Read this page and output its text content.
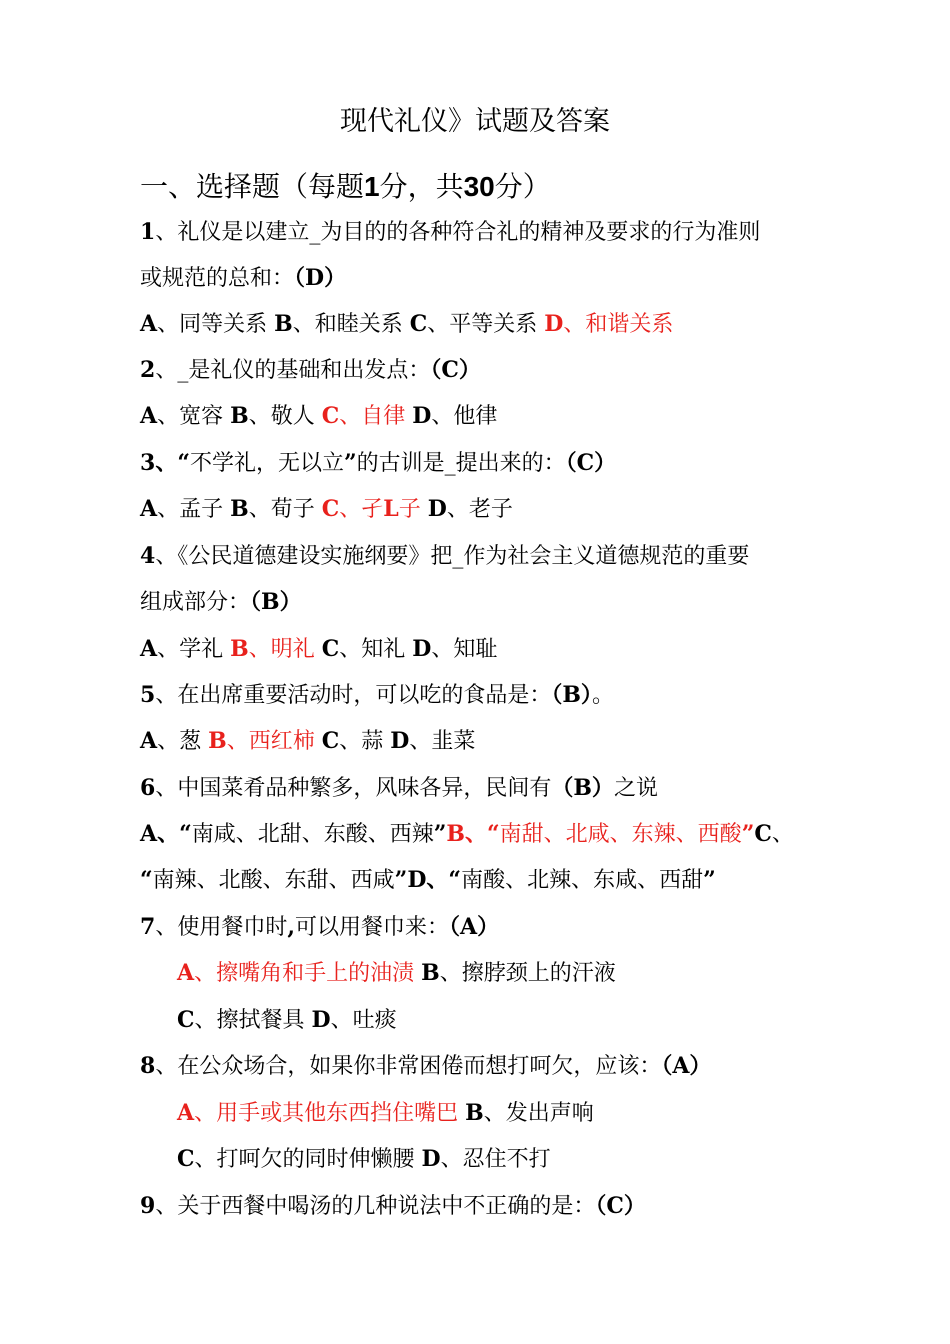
现代礼仪》试题及答案
一、选择题（每题1分，共30分）
1、礼仪是以建立_为目的的各种符合礼的精神及要求的行为准则
或规范的总和：（D）
A、同等关系 B、和睦关系 C、平等关系 D、和谐关系
2、_是礼仪的基础和出发点：（C）
A、宽容 B、敬人 C、自律 D、他律
3、“不学礼，无以立”的古训是_提出来的：（C）
A、孟子 B、荀子 C、孑L子 D、老子
4、《公民道德建设实施纲要》把_作为社会主义道德规范的重要
组成部分：（B）
A、学礼 B、明礼 C、知礼 D、知耻
5、在出席重要活动时，可以吃的食品是：（B）。
A、葱 B、西红柿 C、蒜 D、韭菜
6、中国菜肴品种繁多，风味各异，民间有（B）之说
A、“南咸、北甜、东酸、西辣”B、“南甜、北咸、东辣、西酸”C、
“南辣、北酸、东甜、西咸”D、“南酸、北辣、东咸、西甜”
7、使用餐巾时,可以用餐巾来：（A）
A、擦嘴角和手上的油渍 B、擦脖颈上的汗液
C、擦拭餐具 D、吐痰
8、在公众场合，如果你非常困倦而想打呵欠，应该：（A）
A、用手或其他东西挡住嘴巴 B、发出声响
C、打呵欠的同时伸懒腰 D、忍住不打
9、关于西餐中喝汤的几种说法中不正确的是：（C）
